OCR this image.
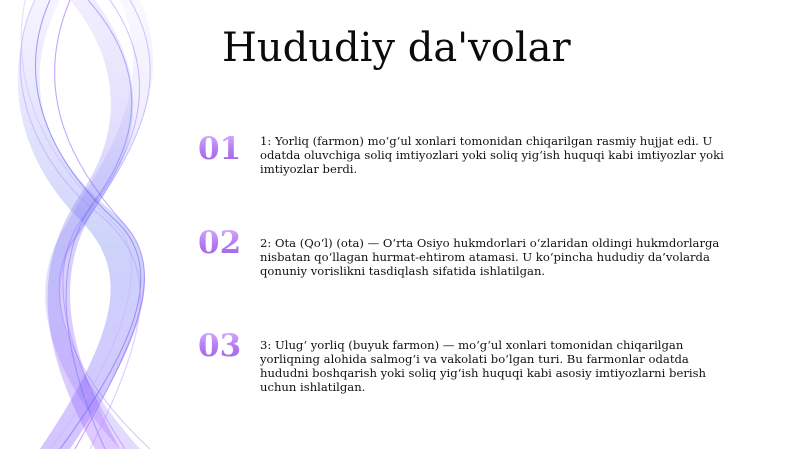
Hududiy da'volar
01	1: Yorliq (farmon) mo‘g‘ul xonlari tomonidan chiqarilgan rasmiy hujjat edi. U odatda oluvchiga soliq imtiyozlari yoki soliq yig‘ish huquqi kabi imtiyozlar yoki imtiyozlar berdi.

02	2: Ota (Qo‘l) (ota) — O‘rta Osiyo hukmdorlari o‘zlaridan oldingi hukmdorlarga nisbatan qo‘llagan hurmat-ehtirom atamasi. U ko‘pincha hududiy da’volarda qonuniy vorislikni tasdiqlash sifatida ishlatilgan.

03	3: Ulug‘ yorliq (buyuk farmon) — mo‘g‘ul xonlari tomonidan chiqarilgan yorliqning alohida salmog‘i va vakolati bo‘lgan turi. Bu farmonlar odatda hududni boshqarish yoki soliq yig‘ish huquqi kabi asosiy imtiyozlarni berish uchun ishlatilgan.
